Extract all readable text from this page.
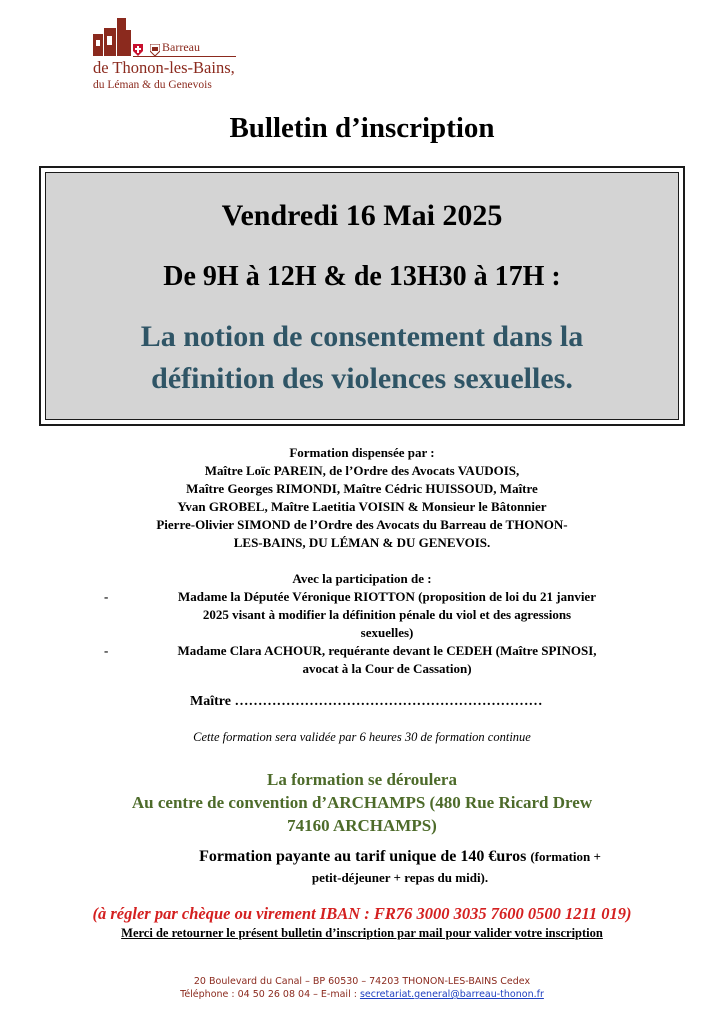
Barreau
de Thonon-les-Bains,
du Léman & du Genevois
Bulletin d’inscription
Vendredi 16 Mai 2025
De 9H à 12H & de 13H30 à 17H :
La notion de consentement dans la
définition des violences sexuelles.
Formation dispensée par :
Maître Loïc PAREIN, de l’Ordre des Avocats VAUDOIS,
Maître Georges RIMONDI, Maître Cédric HUISSOUD, Maître
Yvan GROBEL, Maître Laetitia VOISIN & Monsieur le Bâtonnier
Pierre-Olivier SIMOND de l’Ordre des Avocats du Barreau de THONON-
LES-BAINS, DU LÉMAN & DU GENEVOIS.
Avec la participation de :
-	Madame la Députée Véronique RIOTTON (proposition de loi du 21 janvier
2025 visant à modifier la définition pénale du viol et des agressions
sexuelles)
-	Madame Clara ACHOUR, requérante devant le CEDEH (Maître SPINOSI,
avocat à la Cour de Cassation)
Maître …………………………………………………………
Cette formation sera validée par 6 heures 30 de formation continue
La formation se déroulera
Au centre de convention d’ARCHAMPS (480 Rue Ricard Drew
74160 ARCHAMPS)
Formation payante au tarif unique de 140 €uros (formation +
petit-déjeuner + repas du midi).
(à régler par chèque ou virement IBAN : FR76 3000 3035 7600 0500 1211 019)
Merci de retourner le présent bulletin d’inscription par mail pour valider votre inscription
20 Boulevard du Canal – BP 60530 – 74203 THONON-LES-BAINS Cedex
Téléphone : 04 50 26 08 04 – E-mail : secretariat.general@barreau-thonon.fr
